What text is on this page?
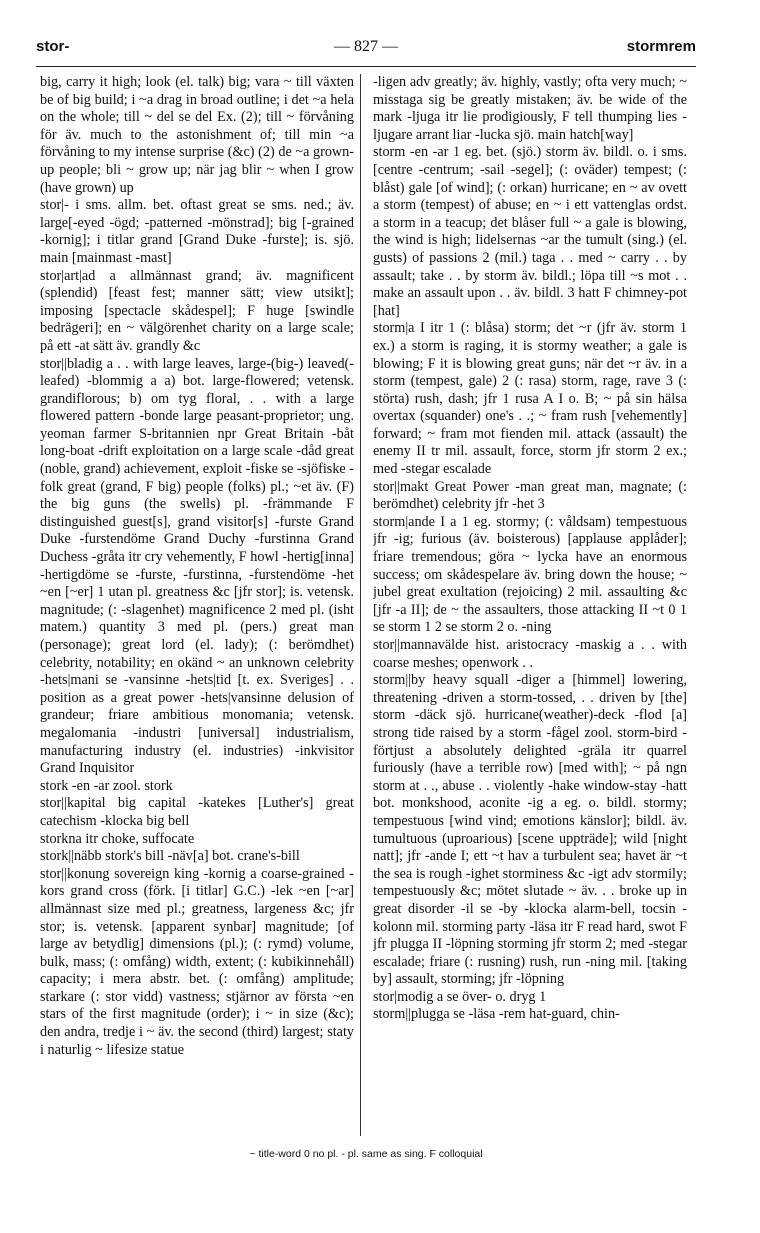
stor-	— 827 —	stormrem

big, carry it high; look (el. talk) big; vara ~ till växten be of big build; i ~a drag in broad outline; i det ~a hela on the whole; till ~ del se del Ex. (2); till ~ förvåning för äv. much to the astonishment of; till min ~a förvåning to my intense surprise (&c) (2) de ~a grown-up people; bli ~ grow up; när jag blir ~ when I grow (have grown) up

stor|- i sms. allm. bet. oftast great se sms. ned.; äv. large[-eyed -ögd; -patterned -mönstrad]; big [-grained -kornig]; i titlar grand [Grand Duke -furste]; is. sjö. main [mainmast -mast]

stor|art|ad a allmännast grand; äv. magnificent (splendid) [feast fest; manner sätt; view utsikt]; imposing [spectacle skådespel]; F huge [swindle bedrägeri]; en ~ välgörenhet charity on a large scale; på ett -at sätt äv. grandly &c

stor||bladig a . . with large leaves, large-(big-) leaved(-leafed) -blommig a a) bot. large-flowered; vetensk. grandiflorous; b) om tyg floral, . . with a large flowered pattern -bonde large peasant-proprietor; ung. yeoman farmer S-britannien npr Great Britain -båt long-boat -drift exploitation on a large scale -dåd great (noble, grand) achievement, exploit -fiske se -sjöfiske -folk great (grand, F big) people (folks) pl.; ~et äv. (F) the big guns (the swells) pl. -främmande F distinguished guest[s], grand visitor[s] -furste Grand Duke -furstendöme Grand Duchy -furstinna Grand Duchess -gråta itr cry vehemently, F howl -hertig[inna] -hertigdöme se -furste, -furstinna, -furstendöme -het ~en [~er] 1 utan pl. greatness &c [jfr stor]; is. vetensk. magnitude; (: -slagenhet) magnificence 2 med pl. (isht matem.) quantity 3 med pl. (pers.) great man (personage); great lord (el. lady); (: berömdhet) celebrity, notability; en okänd ~ an unknown celebrity -hets|mani se -vansinne -hets|tid [t. ex. Sveriges] . . position as a great power -hets|vansinne delusion of grandeur; friare ambitious monomania; vetensk. megalomania -industri [universal] industrialism, manufacturing industry (el. industries) -inkvisitor Grand Inquisitor

stork -en -ar zool. stork

stor||kapital big capital -katekes [Luther's] great catechism -klocka big bell

storkna itr choke, suffocate

stork||näbb stork's bill -näv[a] bot. crane's-bill

stor||konung sovereign king -kornig a coarse-grained -kors grand cross (förk. [i titlar] G.C.) -lek ~en [~ar] allmännast size med pl.; greatness, largeness &c; jfr stor; is. vetensk. [apparent synbar] magnitude; [of large av betydlig] dimensions (pl.); (: rymd) volume, bulk, mass; (: omfång) width, extent; (: kubikinnehåll) capacity; i mera abstr. bet. (: omfång) amplitude; starkare (: stor vidd) vastness; stjärnor av första ~en stars of the first magnitude (order); i ~ in size (&c); den andra, tredje i ~ äv. the second (third) largest; staty i naturlig ~ lifesize statue

-ligen adv greatly; äv. highly, vastly; ofta very much; ~ misstaga sig be greatly mistaken; äv. be wide of the mark -ljuga itr lie prodigiously, F tell thumping lies -ljugare arrant liar -lucka sjö. main hatch[way]

storm -en -ar 1 eg. bet. (sjö.) storm äv. bildl. o. i sms. [centre -centrum; -sail -segel]; (: oväder) tempest; (: blåst) gale [of wind]; (: orkan) hurricane; en ~ av ovett a storm (tempest) of abuse; en ~ i ett vattenglas ordst. a storm in a teacup; det blåser full ~ a gale is blowing, the wind is high; lidelsernas ~ar the tumult (sing.) (el. gusts) of passions 2 (mil.) taga . . med ~ carry . . by assault; take . . by storm äv. bildl.; löpa till ~s mot . . make an assault upon . . äv. bildl. 3 hatt F chimney-pot [hat]

storm|a I itr 1 (: blåsa) storm; det ~r (jfr äv. storm 1 ex.) a storm is raging, it is stormy weather; a gale is blowing; F it is blowing great guns; när det ~r äv. in a storm (tempest, gale) 2 (: rasa) storm, rage, rave 3 (: störta) rush, dash; jfr 1 rusa A I o. B; ~ på sin hälsa overtax (squander) one's . .; ~ fram rush [vehemently] forward; ~ fram mot fienden mil. attack (assault) the enemy II tr mil. assault, force, storm jfr storm 2 ex.; med -stegar escalade

stor||makt Great Power -man great man, magnate; (: berömdhet) celebrity jfr -het 3

storm|ande I a 1 eg. stormy; (: våldsam) tempestuous jfr -ig; furious (äv. boisterous) [applause applåder]; friare tremendous; göra ~ lycka have an enormous success; om skådespelare äv. bring down the house; ~ jubel great exultation (rejoicing) 2 mil. assaulting &c [jfr -a II]; de ~ the assaulters, those attacking II ~t 0 1 se storm 1 2 se storm 2 o. -ning

stor||mannavälde hist. aristocracy -maskig a . . with coarse meshes; openwork . .

storm||by heavy squall -diger a [himmel] lowering, threatening -driven a storm-tossed, . . driven by [the] storm -däck sjö. hurricane(weather)-deck -flod [a] strong tide raised by a storm -fågel zool. storm-bird -förtjust a absolutely delighted -gräla itr quarrel furiously (have a terrible row) [med with]; ~ på ngn storm at . ., abuse . . violently -hake window-stay -hatt bot. monkshood, aconite -ig a eg. o. bildl. stormy; tempestuous [wind vind; emotions känslor]; bildl. äv. tumultuous (uproarious) [scene uppträde]; wild [night natt]; jfr -ande I; ett ~t hav a turbulent sea; havet är ~t the sea is rough -ighet storminess &c -igt adv stormily; tempestuously &c; mötet slutade ~ äv. . . broke up in great disorder -il se -by -klocka alarm-bell, tocsin -kolonn mil. storming party -läsa itr F read hard, swot F jfr plugga II -löpning storming jfr storm 2; med -stegar escalade; friare (: rusning) rush, run -ning mil. [taking by] assault, storming; jfr -löpning

stor|modig a se över- o. dryg 1

storm||plugga se -läsa -rem hat-guard, chin-

~ title-word 0 no pl. - pl. same as sing. F colloquial
